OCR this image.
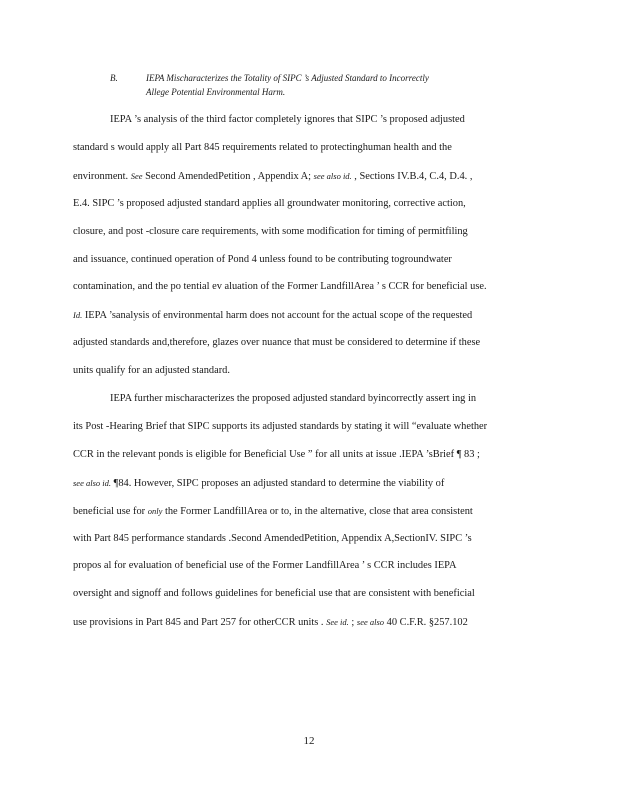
B.	IEPA Mischaracterizes the Totality of SIPC ’s Adjusted Standard to Incorrectly
Allege Potential Environmental Harm.
IEPA ’s analysis of the third factor completely ignores that SIPC ’s proposed adjusted
standard s would apply all Part 845 requirements related to protectinghuman health and the
environment. See Second AmendedPetition , Appendix A; see also id. , Sections IV.B.4, C.4, D.4. ,
E.4. SIPC ’s proposed adjusted standard applies all groundwater monitoring, corrective action,
closure, and post -closure care requirements, with some modification for timing of permitfiling
and issuance, continued operation of Pond 4 unless found to be contributing togroundwater
contamination, and the po tential ev aluation of the Former LandfillArea ’ s CCR for beneficial use.
Id. IEPA ’sanalysis of environmental harm does not account for the actual scope of the requested
adjusted standards and,therefore, glazes over nuance that must be considered to determine if these
units qualify for an adjusted standard.
IEPA further mischaracterizes the proposed adjusted standard byincorrectly assert ing in
its Post -Hearing Brief that SIPC supports its adjusted standards by stating it will “evaluate whether
CCR in the relevant ponds is eligible for Beneficial Use ” for all units at issue .IEPA ’sBrief ¶ 83 ;
see also id. ¶84. However, SIPC proposes an adjusted standard to determine the viability of
beneficial use for only the Former LandfillArea or to, in the alternative, close that area consistent
with Part 845 performance standards .Second AmendedPetition, Appendix A,SectionIV. SIPC ’s
propos al for evaluation of beneficial use of the Former LandfillArea ’ s CCR includes IEPA
oversight and signoff and follows guidelines for beneficial use that are consistent with beneficial
use provisions in Part 845 and Part 257 for otherCCR units . See id. ; see also 40 C.F.R. §257.102
12
